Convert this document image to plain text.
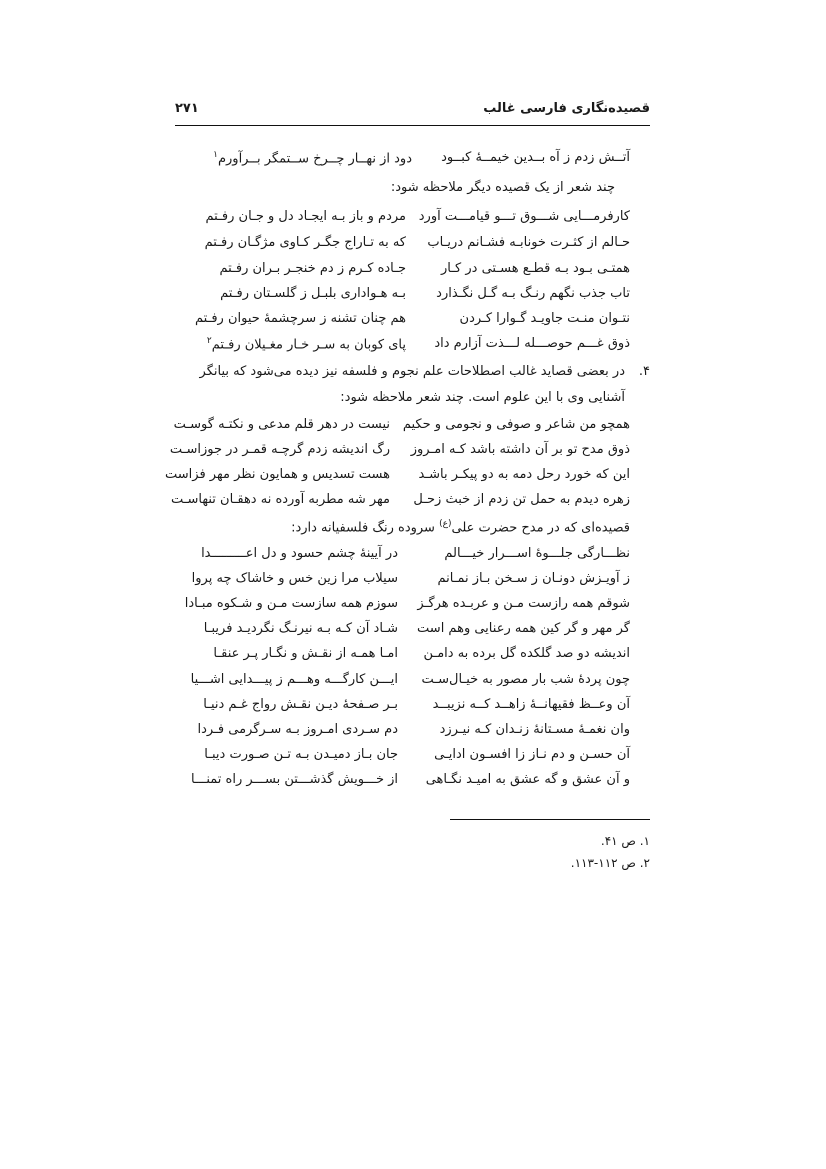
قصیده‌نگاری فارسی غالب
۲۷۱
آتــش زدم ز آه بــدین خیمــهٔ کبــود
دود از نهــار چــرخ ســتمگر بــرآورم$^۱$
چند شعر از یک قصیده دیگر ملاحظه شود:
کارفرمـــایی شـــوق تـــو قیامـــت آورد
مردم و باز بـه ایجـاد دل و جـان رفـتم
حـالم از کثـرت خونابـه فشـانم دریـاب
که به تـاراج جگـر کـاوی مژگـان رفـتم
همتـی بـود بـه قطـع هسـتی در کـار
جـاده کـرم ز دم خنجـر بـران رفـتم
تاب جذب نگهم رنـگ بـه گـل نگـذارد
بـه هـواداری بلبـل ز گلسـتان رفـتم
نتـوان منـت جاویـد گـوارا کـردن
هم چنان تشنه ز سرچشمهٔ حیوان رفـتم
ذوق غـــم حوصـــله لـــذت آزارم داد
پای کوبان به سـر خـار مغـیلان رفـتم$^۲$
۴.
در بعضی قصاید غالب اصطلاحات علم نجوم و فلسفه نیز دیده می‌شود که بیانگر
آشنایی وی با این علوم است. چند شعر ملاحظه شود:
همچو من شاعر و صوفی و نجومی و حکیم
نیست در دهر قلم مدعی و نکتـه گوسـت
ذوق مدح تو بر آن داشته باشد کـه امـروز
رگ اندیشه زدم گرچـه قمـر در جوزاسـت
این که خورد رحل دمه به دو پیکـر باشـد
هست تسدیس و همایون نظر مهر فزاست
زهره دیدم به حمل تن زدم از خبث زحـل
مهر شه مطربه آورده نه دهقـان تنهاسـت
قصیده‌ای که در مدح حضرت علی$^{(ع)}$ سروده رنگ فلسفیانه دارد:
نظـــارگی جلـــوهٔ اســـرار خیـــالم
در آیینهٔ چشم حسود و دل اعـــــــــدا
ز آویـزش دونـان ز سـخن بـاز نمـانم
سیلاب مرا زین خس و خاشاک چه پروا
شوقم همه رازست مـن و عربـده هرگـز
سوزم همه سازست مـن و شـکوه مبـادا
گر مهر و گر کین همه رعنایی وهم است
شـاد آن کـه بـه نیرنـگ نگردیـد فریبـا
اندیشه دو صد گلکده گل برده به دامـن
امـا همـه از نقـش و نگـار پـر عنقـا
چون پردهٔ شب بار مصور به خیـال‌سـت
ایـــن کارگـــه وهـــم ز پیـــدایی اشـــیا
آن وعــظ فقیهانــهٔ زاهــد کــه نزیبــد
بـر صـفحهٔ دیـن نقـش رواج غـم دنیـا
وان نغمـهٔ مسـتانهٔ زنـدان کـه نیـرزد
دم سـردی امـروز بـه سـرگرمی فـردا
آن حسـن و دم نـاز زا افسـون ادایـی
جان بـاز دمیـدن بـه تـن صـورت دیبـا
و آن عشق و گه عشق به امیـد نگـاهی
از خـــویش گذشـــتن بســـر راه تمنـــا
۱. ص ۴۱.
۲. ص ۱۱۲-۱۱۳.
